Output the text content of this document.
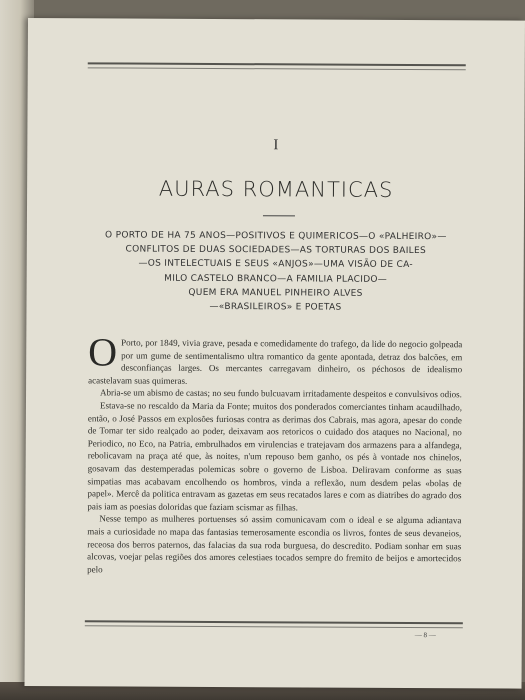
I
AURAS ROMANTICAS
O PORTO DE HA 75 ANOS—POSITIVOS E QUIMERICOS—O «PALHEIRO»—
CONFLITOS DE DUAS SOCIEDADES—AS TORTURAS DOS BAILES
—OS INTELECTUAIS E SEUS «ANJOS»—UMA VISÃO DE CA-
MILO CASTELO BRANCO—A FAMILIA PLACIDO—
QUEM ERA MANUEL PINHEIRO ALVES
—«BRASILEIROS» E POETAS
O Porto, por 1849, vivia grave, pesada e comedidamente do trafego, da lide do negocio golpeada por um gume de sentimentalismo ultra romantico da gente apontada, detraz dos balcões, em desconfianças larges. Os mercantes carregavam dinheiro, os péchosos de idealismo acastelavam suas quimeras.

Abria-se um abismo de castas; no seu fundo bulcuavam irritadamente despeitos e convulsivos odios.

Estava-se no rescaldo da Maria da Fonte; muitos dos ponderados comerciantes tinham acaudilhado, então, o José Passos em explosões furiosas contra as derimas dos Cabrais, mas agora, apesar do conde de Tomar ter sido realçado ao poder, deixavam aos retoricos o cuidado dos ataques no Nacional, no Periodico, no Eco, na Patria, embrulhados em virulencias e tratejavam dos armazens para a alfandega, rebolicavam na praça até que, às noites, n'um repouso bem ganho, os pés à vontade nos chinelos, gosavam das destemperadas polemicas sobre o governo de Lisboa. Deliravam conforme as suas simpatias mas acabavam encolhendo os hombros, vinda a reflexão, num desdem pelas «bolas de papel». Mercê da politica entravam as gazetas em seus recatados lares e com as diatribes do agrado dos pais iam as poesias doloridas que faziam scismar as filhas.

Nesse tempo as mulheres portuenses só assim comunicavam com o ideal e se alguma adiantava mais a curiosidade no mapa das fantasias temerosamente escondia os livros, fontes de seus devaneios, receosa dos berros paternos, das falacias da sua roda burguesa, do descredito. Podiam sonhar em suas alcovas, voejar pelas regiões dos amores celestiaes tocados sempre do fremito de beijos e amortecidos pelo

— 8 —
